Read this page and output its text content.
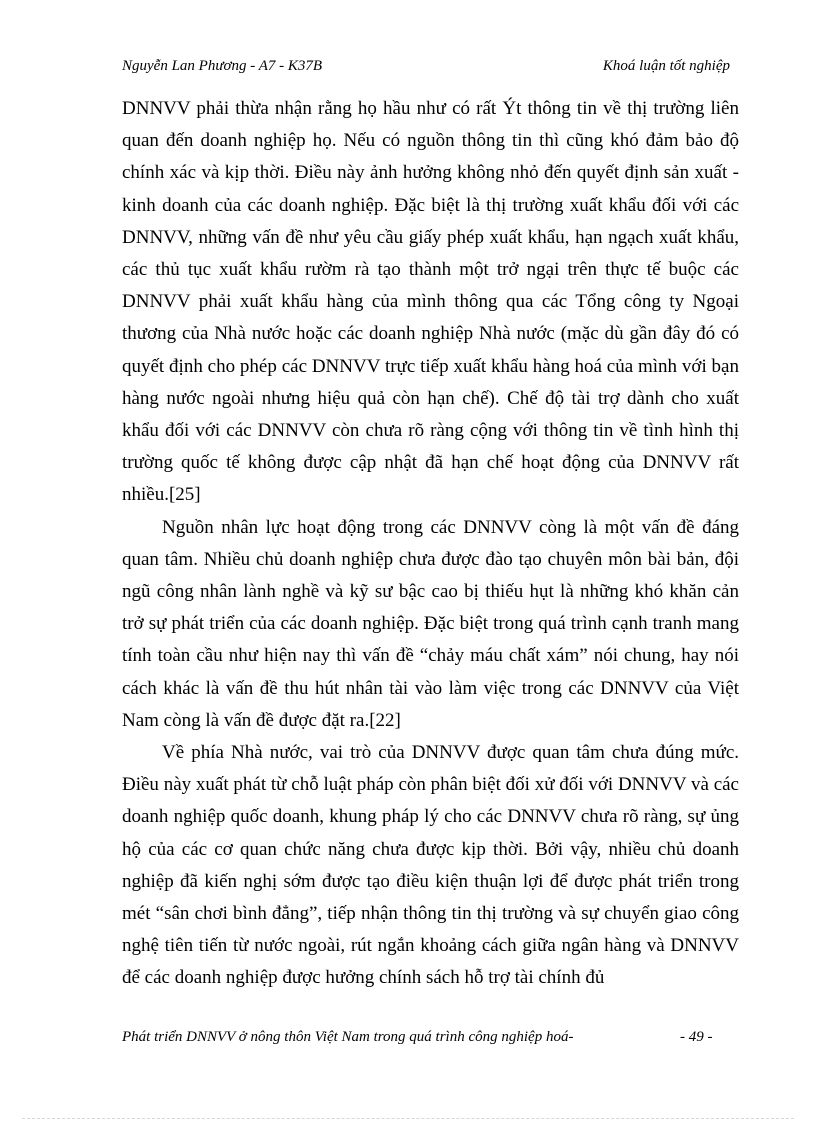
Nguyễn Lan Phương - A7 - K37B	Khoá luận tốt nghiệp

DNNVV phải thừa nhận rằng họ hầu như có rất Ýt thông tin về thị trường liên quan đến doanh nghiệp họ. Nếu có nguồn thông tin thì cũng khó đảm bảo độ chính xác và kịp thời. Điều này ảnh hưởng không nhỏ đến quyết định sản xuất - kinh doanh của các doanh nghiệp. Đặc biệt là thị trường xuất khẩu đối với các DNNVV, những vấn đề như yêu cầu giấy phép xuất khẩu, hạn ngạch xuất khẩu, các thủ tục xuất khẩu rườm rà tạo thành một trở ngại trên thực tế buộc các DNNVV phải xuất khẩu hàng của mình thông qua các Tổng công ty Ngoại thương của Nhà nước hoặc các doanh nghiệp Nhà nước (mặc dù gần đây đó có quyết định cho phép các DNNVV trực tiếp xuất khẩu hàng hoá của mình với bạn hàng nước ngoài nhưng hiệu quả còn hạn chế). Chế độ tài trợ dành cho xuất khẩu đối với các DNNVV còn chưa rõ ràng cộng với thông tin về tình hình thị trường quốc tế không được cập nhật đã hạn chế hoạt động của DNNVV rất nhiều.[25]

Nguồn nhân lực hoạt động trong các DNNVV còng là một vấn đề đáng quan tâm. Nhiều chủ doanh nghiệp chưa được đào tạo chuyên môn bài bản, đội ngũ công nhân lành nghề và kỹ sư bậc cao bị thiếu hụt là những khó khăn cản trở sự phát triển của các doanh nghiệp. Đặc biệt trong quá trình cạnh tranh mang tính toàn cầu như hiện nay thì vấn đề “chảy máu chất xám” nói chung, hay nói cách khác là vấn đề thu hút nhân tài vào làm việc trong các DNNVV của Việt Nam còng là vấn đề được đặt ra.[22]

Về phía Nhà nước, vai trò của DNNVV được quan tâm chưa đúng mức. Điều này xuất phát từ chỗ luật pháp còn phân biệt đối xử đối với DNNVV và các doanh nghiệp quốc doanh, khung pháp lý cho các DNNVV chưa rõ ràng, sự ủng hộ của các cơ quan chức năng chưa được kịp thời. Bởi vậy, nhiều chủ doanh nghiệp đã kiến nghị sớm được tạo điều kiện thuận lợi để được phát triển trong mét “sân chơi bình đẳng”, tiếp nhận thông tin thị trường và sự chuyển giao công nghệ tiên tiến từ nước ngoài, rút ngắn khoảng cách giữa ngân hàng và DNNVV để các doanh nghiệp được hưởng chính sách hỗ trợ tài chính đủ

Phát triển DNNVV ở nông thôn Việt Nam trong quá trình công nghiệp hoá-	- 49 -
